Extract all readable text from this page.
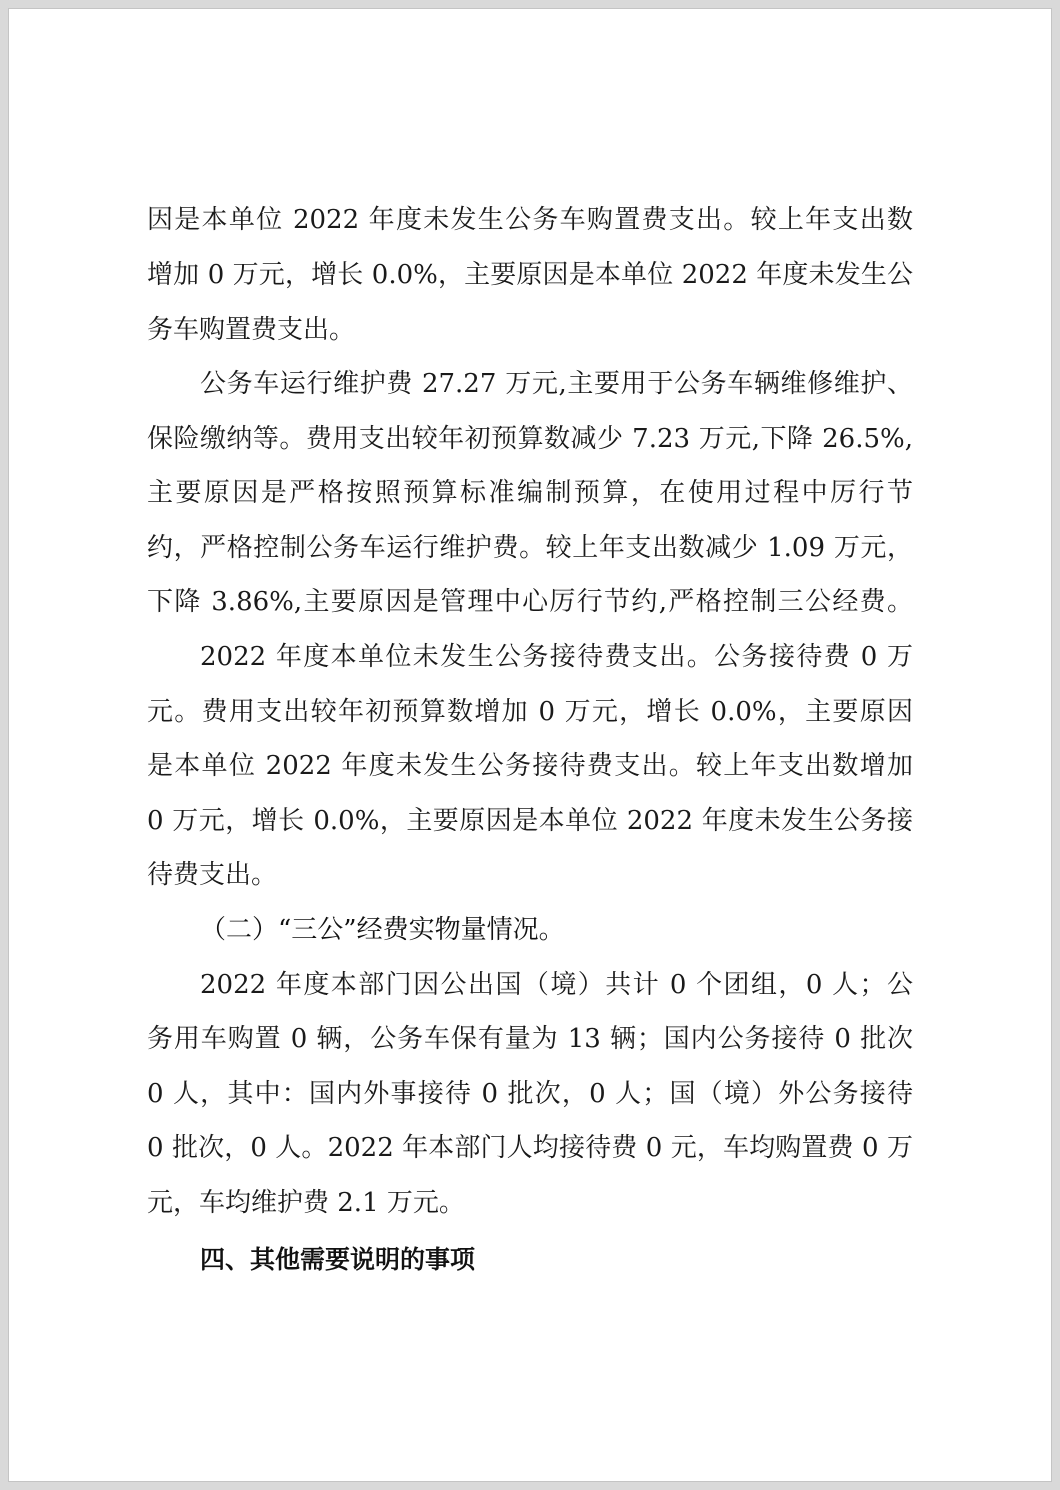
因是本单位 2022 年度未发生公务车购置费支出。较上年支出数
增加 0 万元，增长 0.0%，主要原因是本单位 2022 年度未发生公
务车购置费支出。
公务车运行维护费 27.27 万元,主要用于公务车辆维修维护、
保险缴纳等。费用支出较年初预算数减少 7.23 万元,下降 26.5%,
主要原因是严格按照预算标准编制预算，在使用过程中厉行节
约，严格控制公务车运行维护费。较上年支出数减少 1.09 万元，
下降 3.86%,主要原因是管理中心厉行节约,严格控制三公经费。
2022 年度本单位未发生公务接待费支出。公务接待费 0 万
元。费用支出较年初预算数增加 0 万元，增长 0.0%，主要原因
是本单位 2022 年度未发生公务接待费支出。较上年支出数增加
0 万元，增长 0.0%，主要原因是本单位 2022 年度未发生公务接
待费支出。
（二）“三公”经费实物量情况。
2022 年度本部门因公出国（境）共计 0 个团组，0 人；公
务用车购置 0 辆，公务车保有量为 13 辆；国内公务接待 0 批次
0 人，其中：国内外事接待 0 批次，0 人；国（境）外公务接待
0 批次，0 人。2022 年本部门人均接待费 0 元，车均购置费 0 万
元，车均维护费 2.1 万元。
四、其他需要说明的事项
